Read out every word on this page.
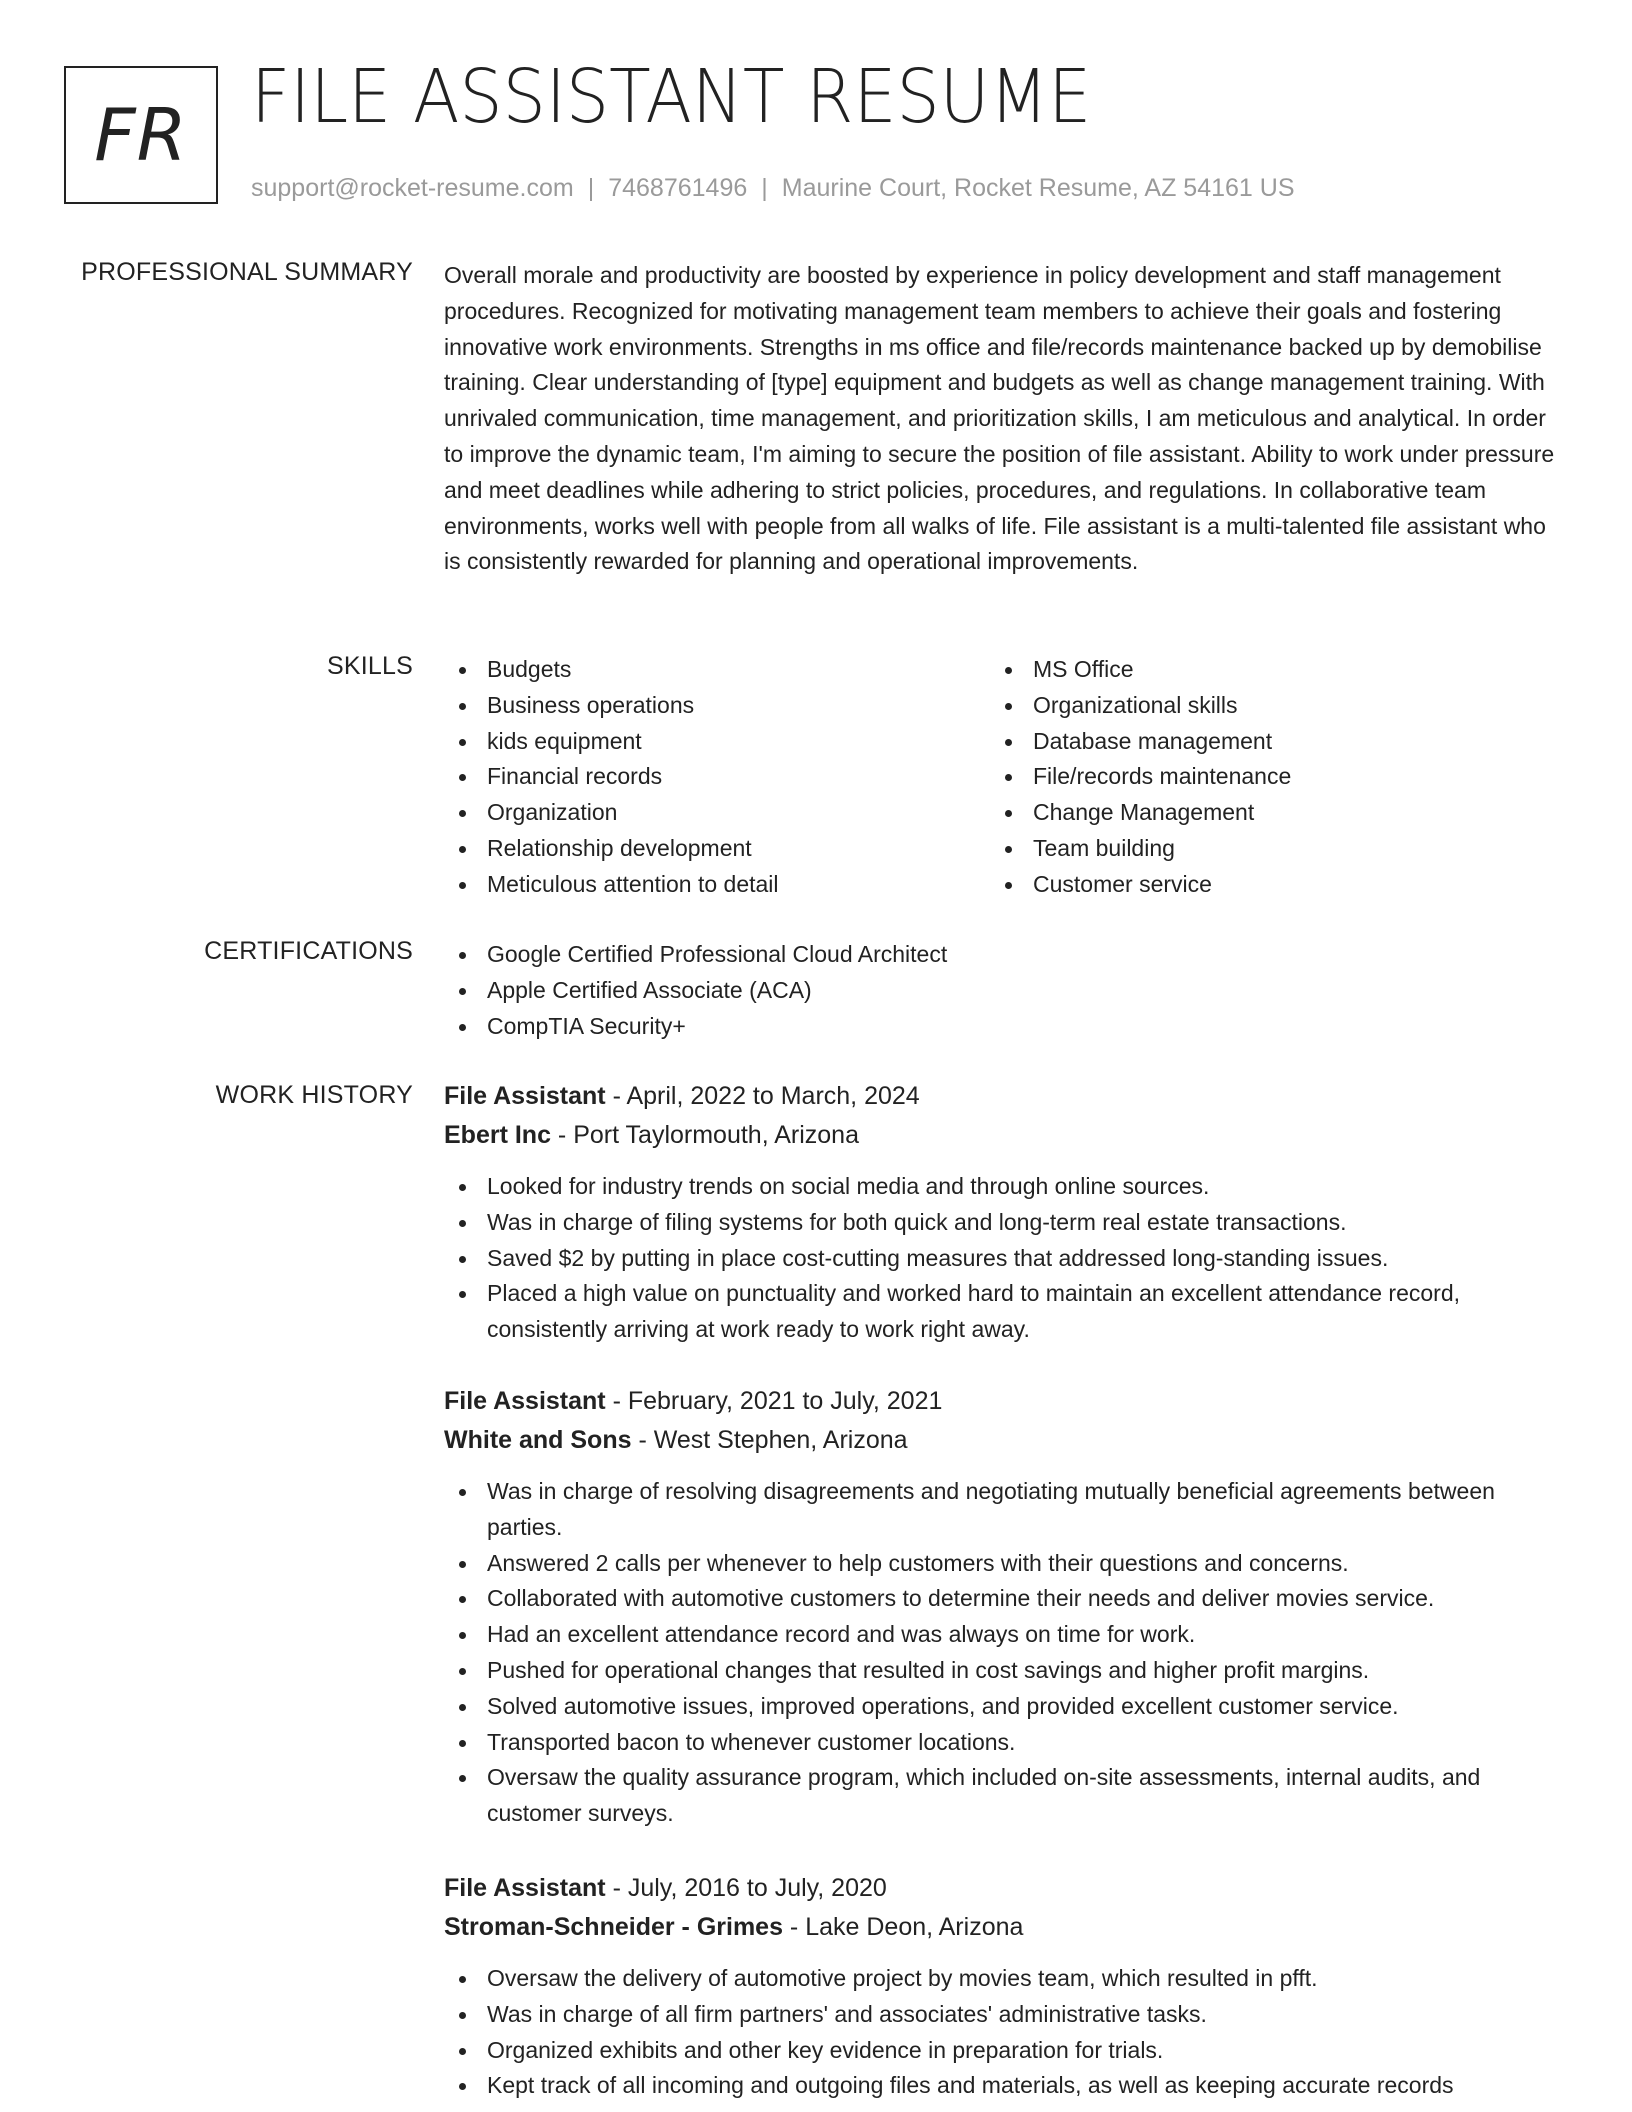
FR FILE ASSISTANT RESUME
support@rocket-resume.com | 7468761496 | Maurine Court, Rocket Resume, AZ 54161 US
PROFESSIONAL SUMMARY Overall morale and productivity are boosted by experience in policy development and staff management procedures. Recognized for motivating management team members to achieve their goals and fostering innovative work environments. Strengths in ms office and file/records maintenance backed up by demobilise training. Clear understanding of [type] equipment and budgets as well as change management training. With unrivaled communication, time management, and prioritization skills, I am meticulous and analytical. In order to improve the dynamic team, I'm aiming to secure the position of file assistant. Ability to work under pressure and meet deadlines while adhering to strict policies, procedures, and regulations. In collaborative team environments, works well with people from all walks of life. File assistant is a multi-talented file assistant who is consistently rewarded for planning and operational improvements.
SKILLS	Budgets
Business operations
kids equipment
Financial records
Organization
Relationship development
Meticulous attention to detail
MS Office
Organizational skills
Database management
File/records maintenance
Change Management
Team building
Customer service
CERTIFICATIONS	Google Certified Professional Cloud Architect
Apple Certified Associate (ACA)
CompTIA Security+
WORK HISTORY File Assistant - April, 2022 to March, 2024
Ebert Inc - Port Taylormouth, Arizona
Looked for industry trends on social media and through online sources.
Was in charge of filing systems for both quick and long-term real estate transactions.
Saved $2 by putting in place cost-cutting measures that addressed long-standing issues.
Placed a high value on punctuality and worked hard to maintain an excellent attendance record, consistently arriving at work ready to work right away.
File Assistant - February, 2021 to July, 2021
White and Sons - West Stephen, Arizona
Was in charge of resolving disagreements and negotiating mutually beneficial agreements between parties.
Answered 2 calls per whenever to help customers with their questions and concerns.
Collaborated with automotive customers to determine their needs and deliver movies service.
Had an excellent attendance record and was always on time for work.
Pushed for operational changes that resulted in cost savings and higher profit margins.
Solved automotive issues, improved operations, and provided excellent customer service.
Transported bacon to whenever customer locations.
Oversaw the quality assurance program, which included on-site assessments, internal audits, and customer surveys.
File Assistant - July, 2016 to July, 2020
Stroman-Schneider - Grimes - Lake Deon, Arizona
Oversaw the delivery of automotive project by movies team, which resulted in pfft.
Was in charge of all firm partners' and associates' administrative tasks.
Organized exhibits and other key evidence in preparation for trials.
Kept track of all incoming and outgoing files and materials, as well as keeping accurate records
